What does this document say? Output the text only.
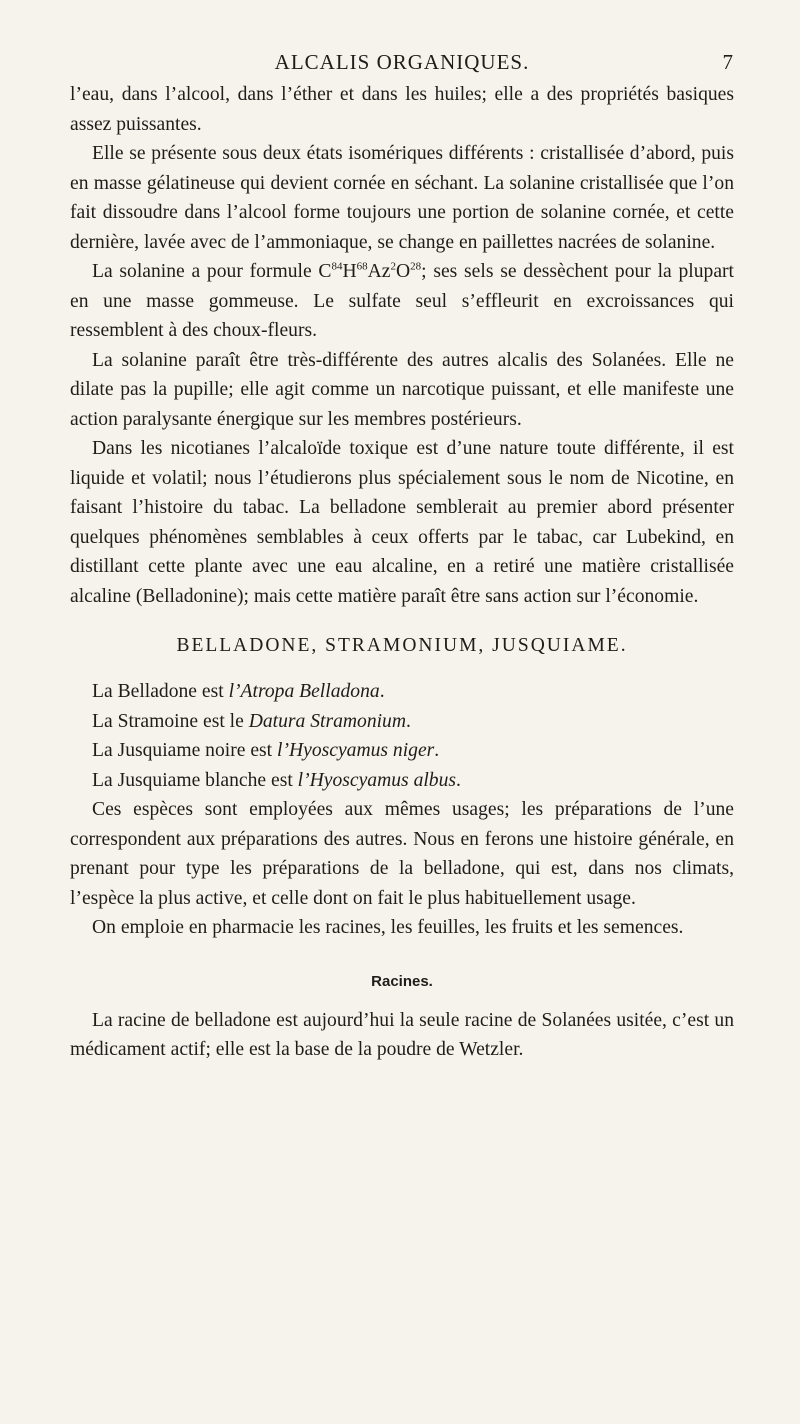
ALCALIS ORGANIQUES.	7

l’eau, dans l’alcool, dans l’éther et dans les huiles; elle a des propriétés basiques assez puissantes.

Elle se présente sous deux états isomériques différents : cristallisée d’abord, puis en masse gélatineuse qui devient cornée en séchant. La solanine cristallisée que l’on fait dissoudre dans l’alcool forme toujours une portion de solanine cornée, et cette dernière, lavée avec de l’ammoniaque, se change en paillettes nacrées de solanine.

La solanine a pour formule $C^{84}H^{68}Az^2O^{28}$; ses sels se dessèchent pour la plupart en une masse gommeuse. Le sulfate seul s’effleurit en excroissances qui ressemblent à des choux-fleurs.

La solanine paraît être très-différente des autres alcalis des Solanées. Elle ne dilate pas la pupille; elle agit comme un narcotique puissant, et elle manifeste une action paralysante énergique sur les membres postérieurs.

Dans les nicotianes l’alcaloïde toxique est d’une nature toute différente, il est liquide et volatil; nous l’étudierons plus spécialement sous le nom de Nicotine, en faisant l’histoire du tabac. La belladone semblerait au premier abord présenter quelques phénomènes semblables à ceux offerts par le tabac, car Lubekind, en distillant cette plante avec une eau alcaline, en a retiré une matière cristallisée alcaline (Belladonine); mais cette matière paraît être sans action sur l’économie.

BELLADONE, STRAMONIUM, JUSQUIAME.

La Belladone est l’Atropa Belladona.

La Stramoine est le Datura Stramonium.

La Jusquiame noire est l’Hyoscyamus niger.

La Jusquiame blanche est l’Hyoscyamus albus.

Ces espèces sont employées aux mêmes usages; les préparations de l’une correspondent aux préparations des autres. Nous en ferons une histoire générale, en prenant pour type les préparations de la belladone, qui est, dans nos climats, l’espèce la plus active, et celle dont on fait le plus habituellement usage.

On emploie en pharmacie les racines, les feuilles, les fruits et les semences.

Racines.

La racine de belladone est aujourd’hui la seule racine de Solanées usitée, c’est un médicament actif; elle est la base de la poudre de Wetzler.
